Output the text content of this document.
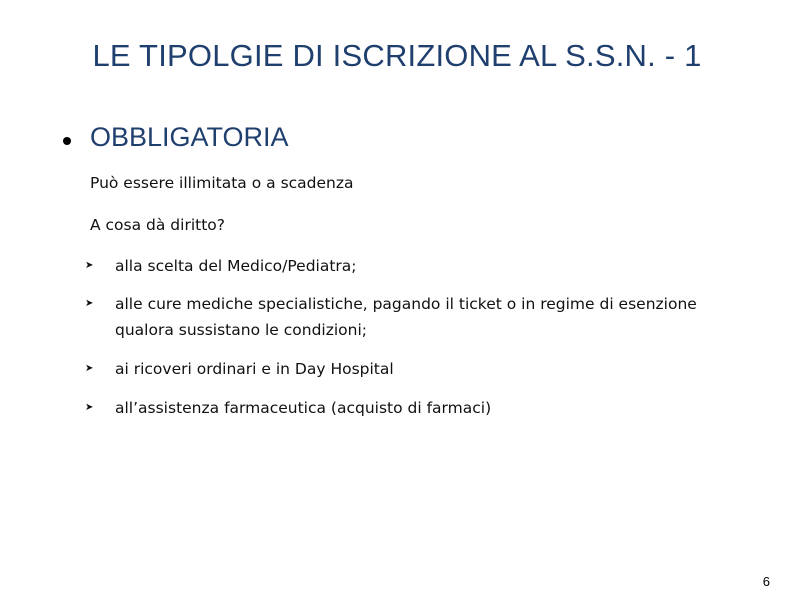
LE TIPOLGIE DI ISCRIZIONE AL S.S.N. - 1
OBBLIGATORIA
Può essere illimitata o a scadenza
A cosa dà diritto?
➤	alla scelta del Medico/Pediatra;
➤	alle cure mediche specialistiche, pagando il ticket o in regime di esenzione qualora sussistano le condizioni;
➤	ai ricoveri ordinari e in Day Hospital
➤	all’assistenza farmaceutica (acquisto di farmaci)
6
